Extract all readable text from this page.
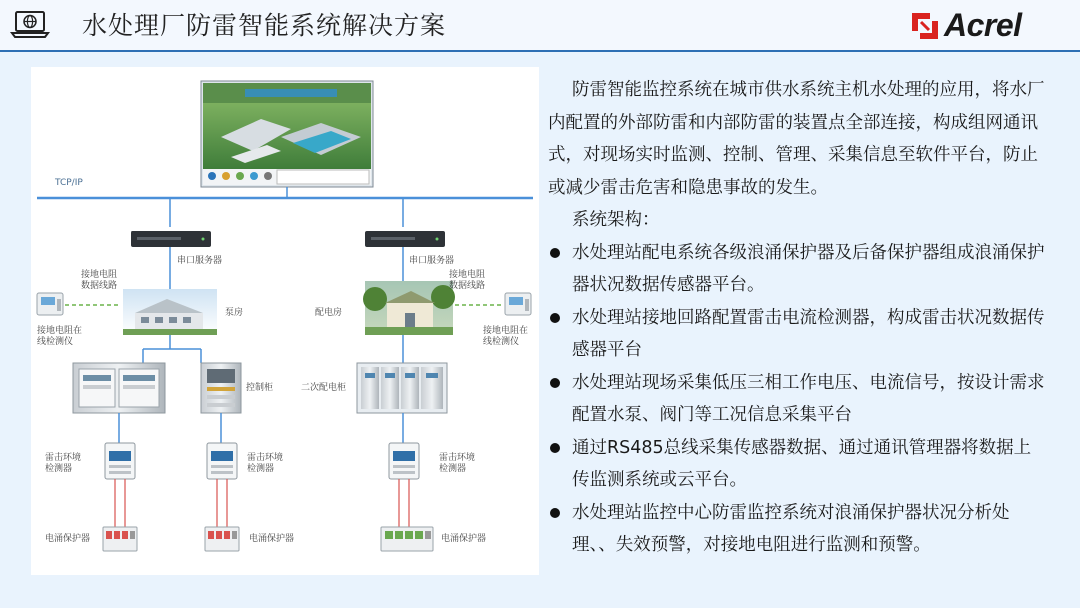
水处理厂防雷智能系统解决方案	Acrel
TCP/IP
串口服务器	串口服务器
接地电阻
数据线路
接地电阻
数据线路
接地电阻在
线检测仪
接地电阻在
线检测仪
泵房	配电房
控制柜	二次配电柜
雷击环境
检测器
雷击环境
检测器
雷击环境
检测器
电涌保护器	电涌保护器	电涌保护器

防雷智能监控系统在城市供水系统主机水处理的应用，将水厂内配置的外部防雷和内部防雷的装置点全部连接，构成组网通讯式，对现场实时监测、控制、管理、采集信息至软件平台，防止或减少雷击危害和隐患事故的发生。

系统架构：

水处理站配电系统各级浪涌保护器及后备保护器组成浪涌保护器状况数据传感器平台。
水处理站接地回路配置雷击电流检测器，构成雷击状况数据传感器平台
水处理站现场采集低压三相工作电压、电流信号，按设计需求配置水泵、阀门等工况信息采集平台
通过RS485总线采集传感器数据、通过通讯管理器将数据上传监测系统或云平台。
水处理站监控中心防雷监控系统对浪涌保护器状况分析处理、、失效预警，对接地电阻进行监测和预警。
